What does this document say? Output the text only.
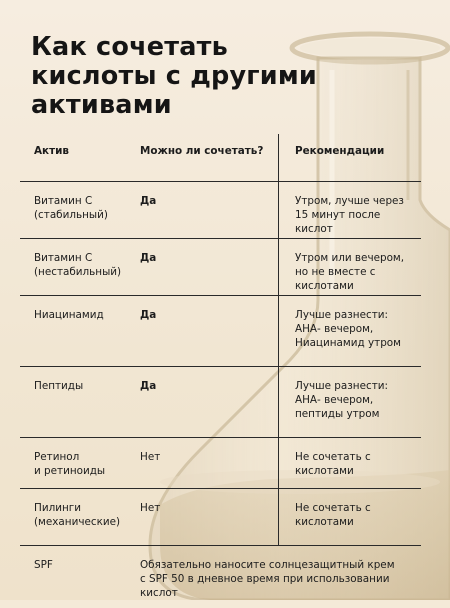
Как сочетать
кислоты с другими
активами
Актив	Можно ли сочетать?	Рекомендации

Витамин С
(стабильный)	Да	Утром, лучше через
15 минут после кислот

Витамин С
(нестабильный)	Да	Утром или вечером,
но не вместе с кислотами

Ниацинамид	Да	Лучше разнести:
АНА- вечером,
Ниацинамид утром

Пептиды	Да	Лучше разнести:
АНА- вечером,
пептиды утром

Ретинол
и ретиноиды	Нет	Не сочетать с кислотами

Пилинги
(механические)	Нет	Не сочетать с кислотами

SPF	Обязательно наносите солнцезащитный крем
с SPF 50 в дневное время при использовании кислот	
